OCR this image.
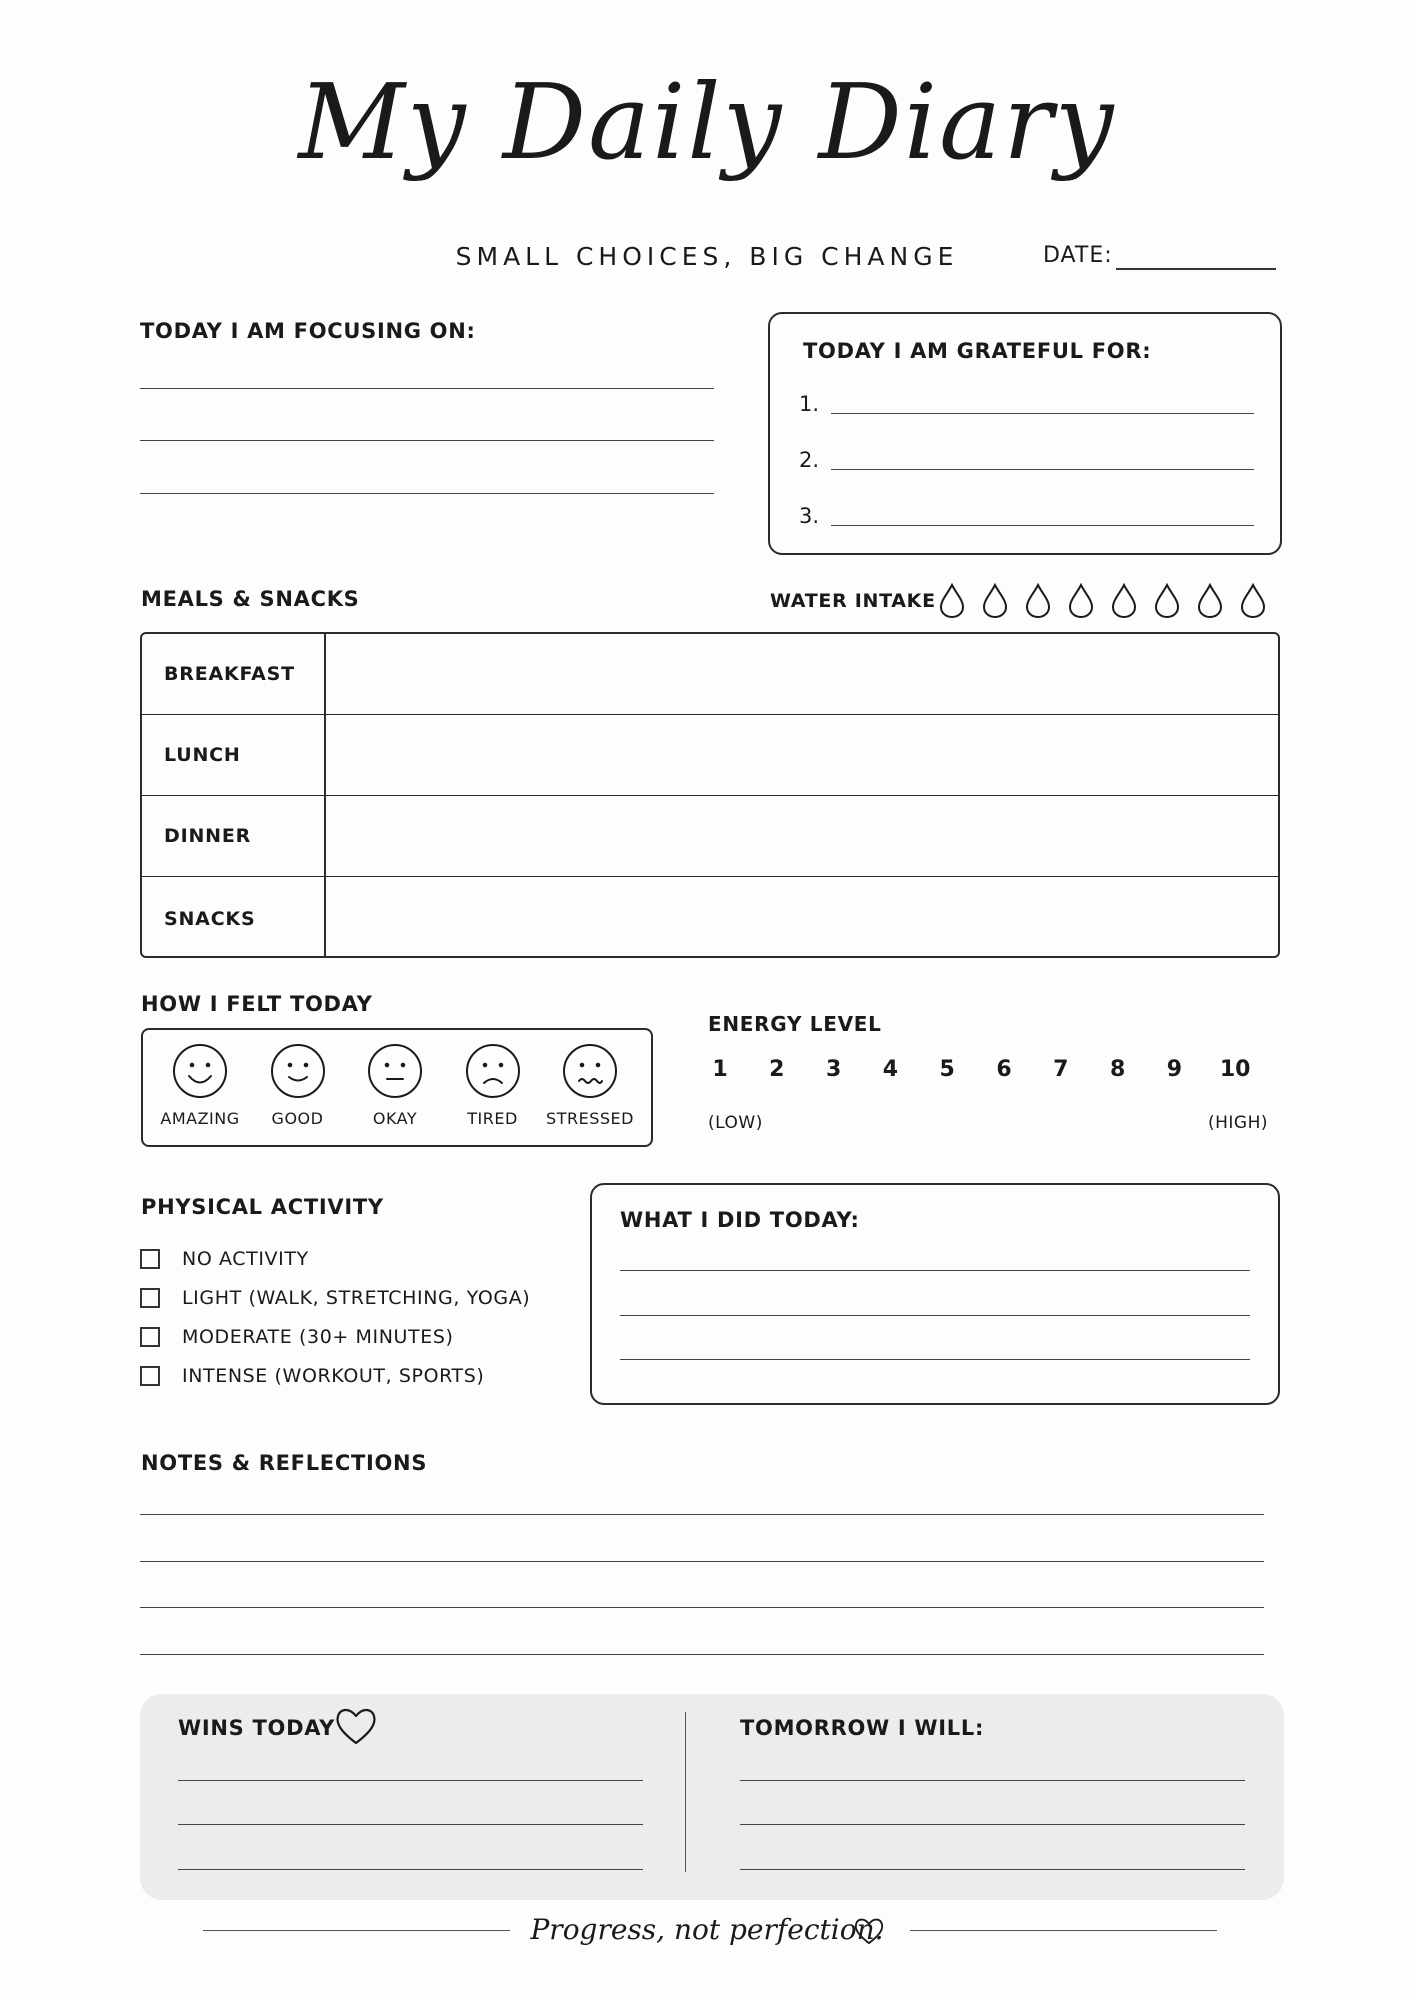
My Daily Diary
SMALL CHOICES, BIG CHANGE	DATE:
TODAY I AM FOCUSING ON:
TODAY I AM GRATEFUL FOR:
1.
2.
3.
MEALS & SNACKS	WATER INTAKE
BREAKFAST
LUNCH
DINNER
SNACKS
HOW I FELT TODAY
AMAZING	GOOD	OKAY	TIRED	STRESSED
ENERGY LEVEL
1	2	3	4	5	6	7	8	9	10
(LOW)	(HIGH)
PHYSICAL ACTIVITY
NO ACTIVITY
LIGHT (WALK, STRETCHING, YOGA)
MODERATE (30+ MINUTES)
INTENSE (WORKOUT, SPORTS)
WHAT I DID TODAY:
NOTES & REFLECTIONS
WINS TODAY	TOMORROW I WILL:
Progress, not perfection.
